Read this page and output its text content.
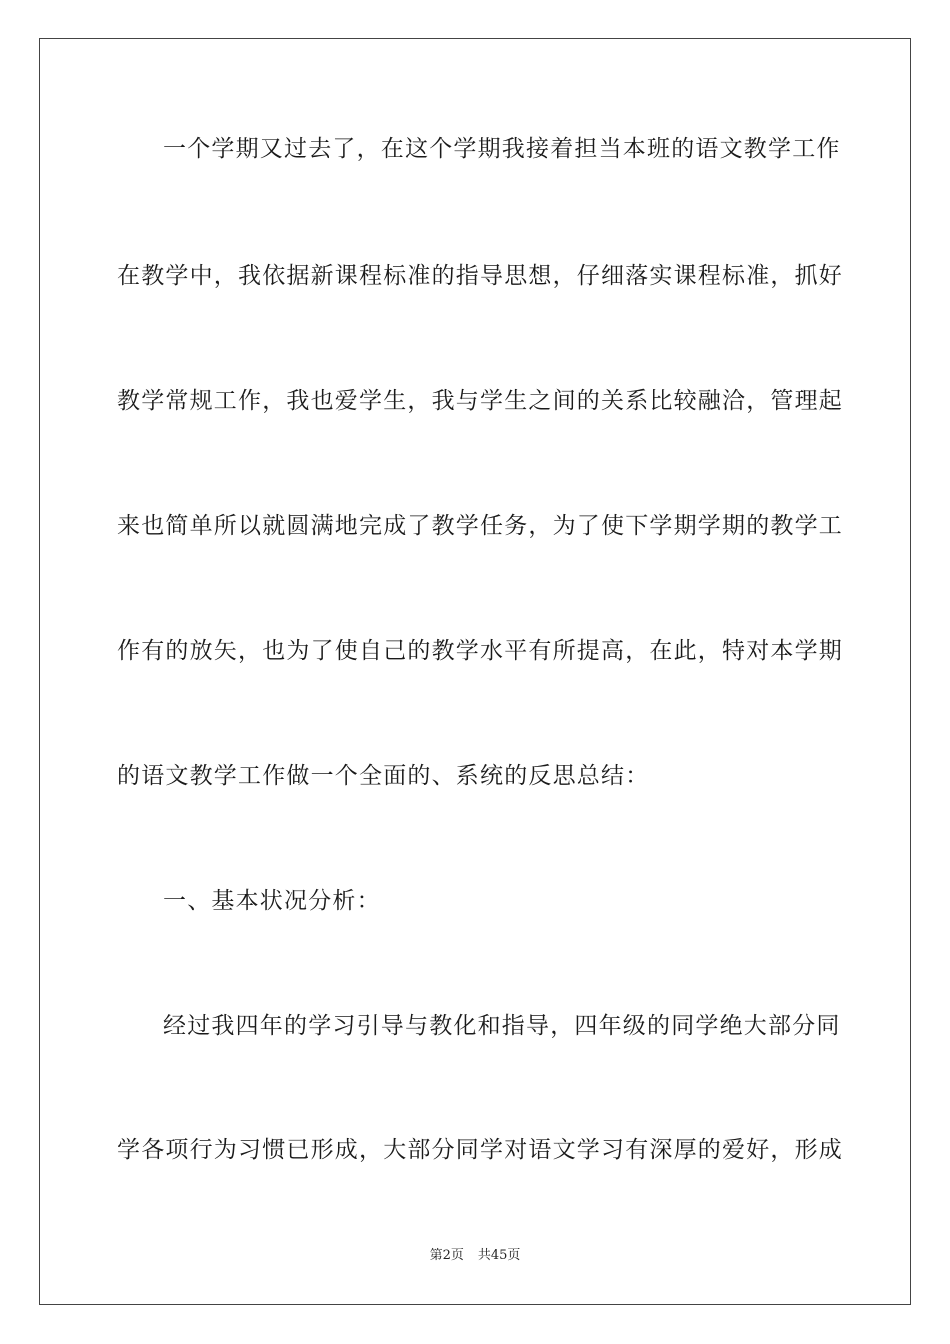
一个学期又过去了，在这个学期我接着担当本班的语文教学工作
在教学中，我依据新课程标准的指导思想，仔细落实课程标准，抓好
教学常规工作，我也爱学生，我与学生之间的关系比较融洽，管理起
来也简单所以就圆满地完成了教学任务，为了使下学期学期的教学工
作有的放矢，也为了使自己的教学水平有所提高，在此，特对本学期
的语文教学工作做一个全面的、系统的反思总结：
一、基本状况分析：
经过我四年的学习引导与教化和指导，四年级的同学绝大部分同
学各项行为习惯已形成，大部分同学对语文学习有深厚的爱好，形成
第2页 共45页
